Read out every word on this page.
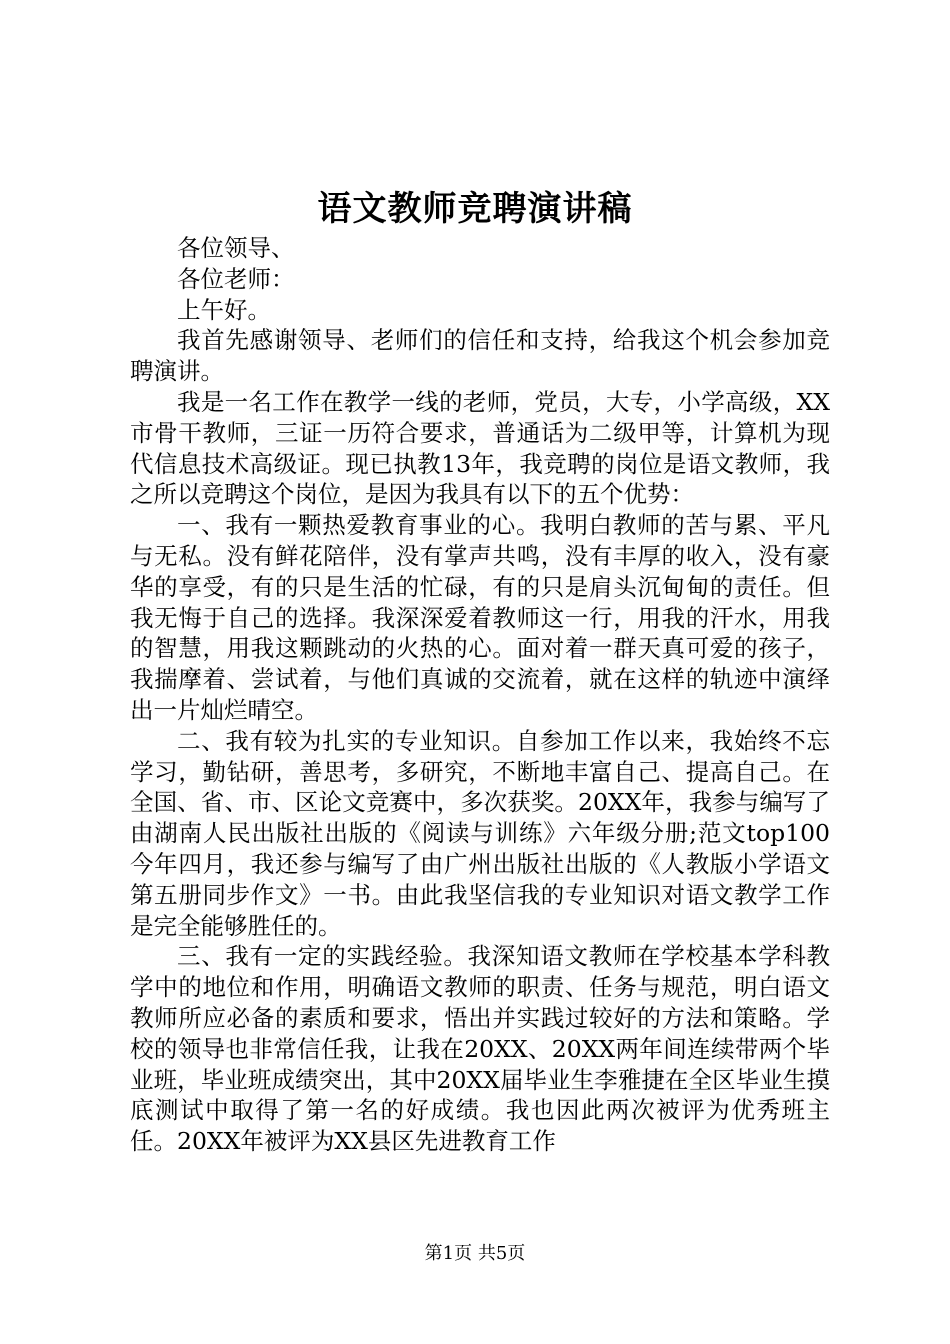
语文教师竞聘演讲稿
各位领导、
各位老师：
上午好。

我首先感谢领导、老师们的信任和支持，给我这个机会参加竞聘演讲。

我是一名工作在教学一线的老师，党员，大专，小学高级，XX市骨干教师，三证一历符合要求，普通话为二级甲等，计算机为现代信息技术高级证。现已执教13年，我竞聘的岗位是语文教师，我之所以竞聘这个岗位，是因为我具有以下的五个优势：

一、我有一颗热爱教育事业的心。我明白教师的苦与累、平凡与无私。没有鲜花陪伴，没有掌声共鸣，没有丰厚的收入，没有豪华的享受，有的只是生活的忙碌，有的只是肩头沉甸甸的责任。但我无悔于自己的选择。我深深爱着教师这一行，用我的汗水，用我的智慧，用我这颗跳动的火热的心。面对着一群天真可爱的孩子，我揣摩着、尝试着，与他们真诚的交流着，就在这样的轨迹中演绎出一片灿烂晴空。

二、我有较为扎实的专业知识。自参加工作以来，我始终不忘学习，勤钻研，善思考，多研究，不断地丰富自己、提高自己。在全国、省、市、区论文竞赛中，多次获奖。20XX年，我参与编写了由湖南人民出版社出版的《阅读与训练》六年级分册;范文top100今年四月，我还参与编写了由广州出版社出版的《人教版小学语文第五册同步作文》一书。由此我坚信我的专业知识对语文教学工作是完全能够胜任的。

三、我有一定的实践经验。我深知语文教师在学校基本学科教学中的地位和作用，明确语文教师的职责、任务与规范，明白语文教师所应必备的素质和要求，悟出并实践过较好的方法和策略。学校的领导也非常信任我，让我在20XX、20XX两年间连续带两个毕业班，毕业班成绩突出，其中20XX届毕业生李雅捷在全区毕业生摸底测试中取得了第一名的好成绩。我也因此两次被评为优秀班主任。20XX年被评为XX县区先进教育工作

第1页 共5页
